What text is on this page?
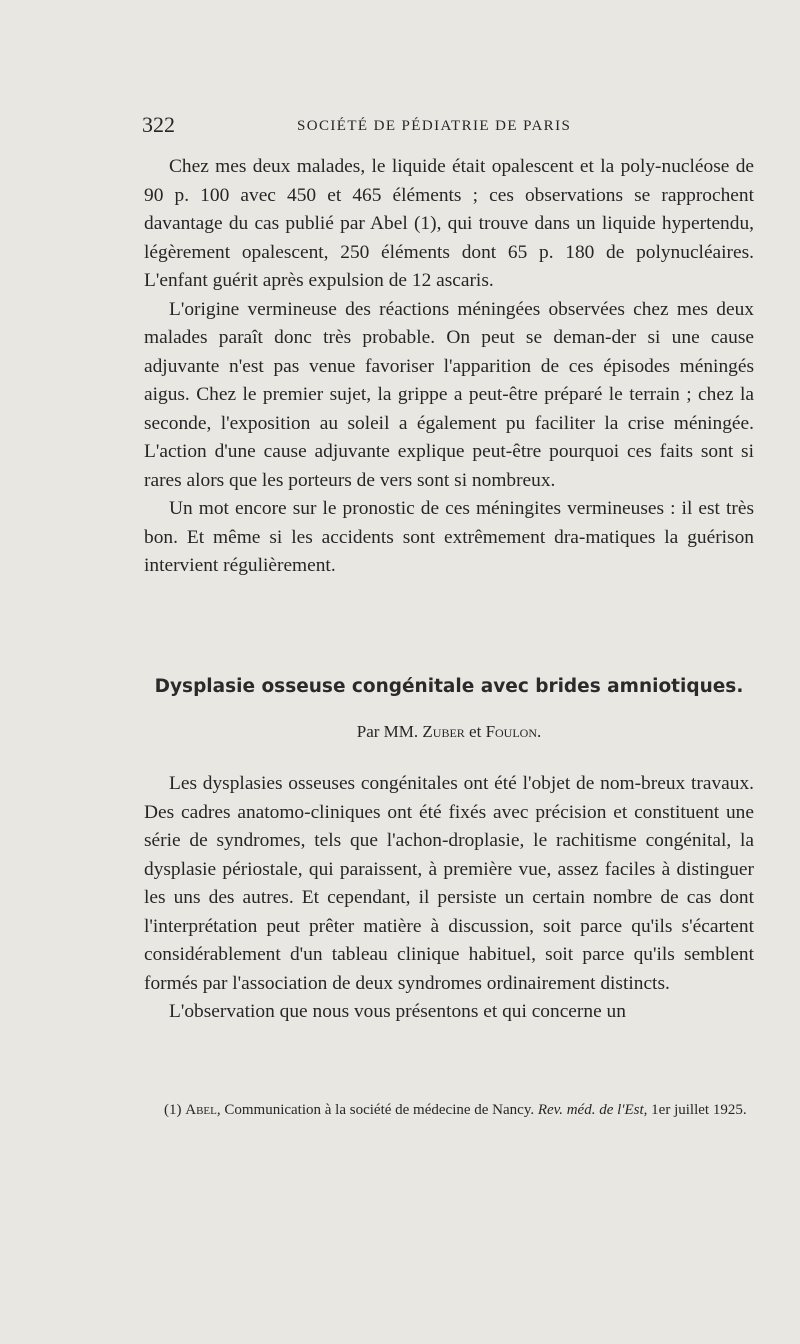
322	SOCIÉTÉ DE PÉDIATRIE DE PARIS

Chez mes deux malades, le liquide était opalescent et la poly-nucléose de 90 p. 100 avec 450 et 465 éléments ; ces observations se rapprochent davantage du cas publié par Abel (1), qui trouve dans un liquide hypertendu, légèrement opalescent, 250 éléments dont 65 p. 180 de polynucléaires. L'enfant guérit après expulsion de 12 ascaris.

L'origine vermineuse des réactions méningées observées chez mes deux malades paraît donc très probable. On peut se deman-der si une cause adjuvante n'est pas venue favoriser l'apparition de ces épisodes méningés aigus. Chez le premier sujet, la grippe a peut-être préparé le terrain ; chez la seconde, l'exposition au soleil a également pu faciliter la crise méningée. L'action d'une cause adjuvante explique peut-être pourquoi ces faits sont si rares alors que les porteurs de vers sont si nombreux.

Un mot encore sur le pronostic de ces méningites vermineuses : il est très bon. Et même si les accidents sont extrêmement dra-matiques la guérison intervient régulièrement.

Dysplasie osseuse congénitale avec brides amniotiques.
Par MM. Zuber et Foulon.

Les dysplasies osseuses congénitales ont été l'objet de nom-breux travaux. Des cadres anatomo-cliniques ont été fixés avec précision et constituent une série de syndromes, tels que l'achon-droplasie, le rachitisme congénital, la dysplasie périostale, qui paraissent, à première vue, assez faciles à distinguer les uns des autres. Et cependant, il persiste un certain nombre de cas dont l'interprétation peut prêter matière à discussion, soit parce qu'ils s'écartent considérablement d'un tableau clinique habituel, soit parce qu'ils semblent formés par l'association de deux syndromes ordinairement distincts.

L'observation que nous vous présentons et qui concerne un

(1) Abel, Communication à la société de médecine de Nancy. Rev. méd. de l'Est, 1er juillet 1925.
